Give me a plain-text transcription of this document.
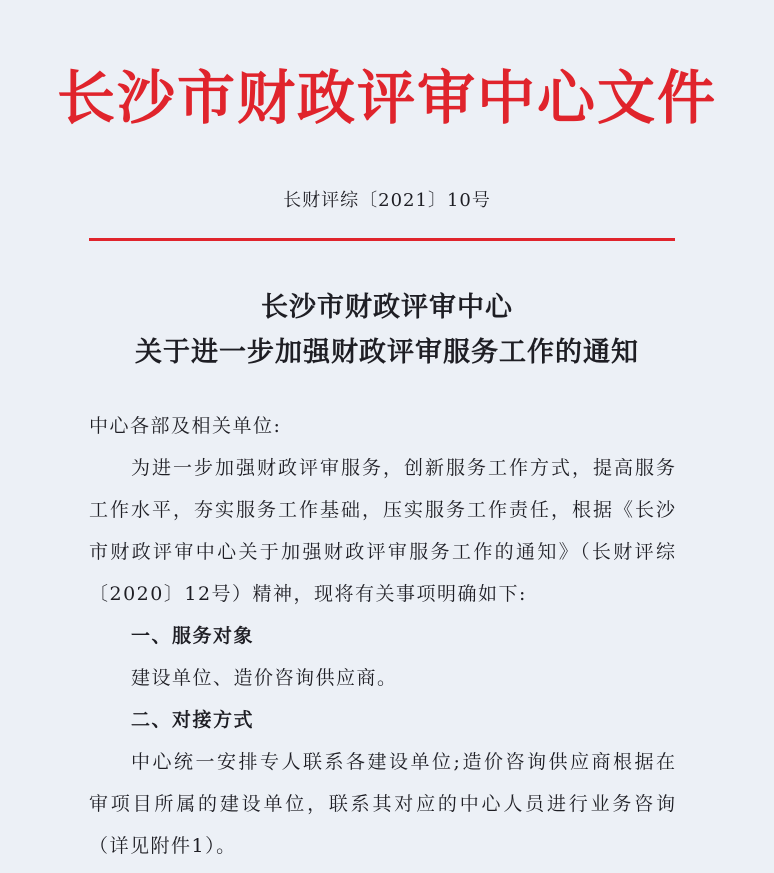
长沙市财政评审中心文件
长财评综〔2021〕10号
长沙市财政评审中心
关于进一步加强财政评审服务工作的通知
中心各部及相关单位:
为进一步加强财政评审服务，创新服务工作方式，提高服务
工作水平，夯实服务工作基础，压实服务工作责任，根据《长沙
市财政评审中心关于加强财政评审服务工作的通知》（长财评综
〔2020〕12号）精神，现将有关事项明确如下:
一、服务对象
建设单位、造价咨询供应商。
二、对接方式
中心统一安排专人联系各建设单位;造价咨询供应商根据在
审项目所属的建设单位，联系其对应的中心人员进行业务咨询
（详见附件1）。
